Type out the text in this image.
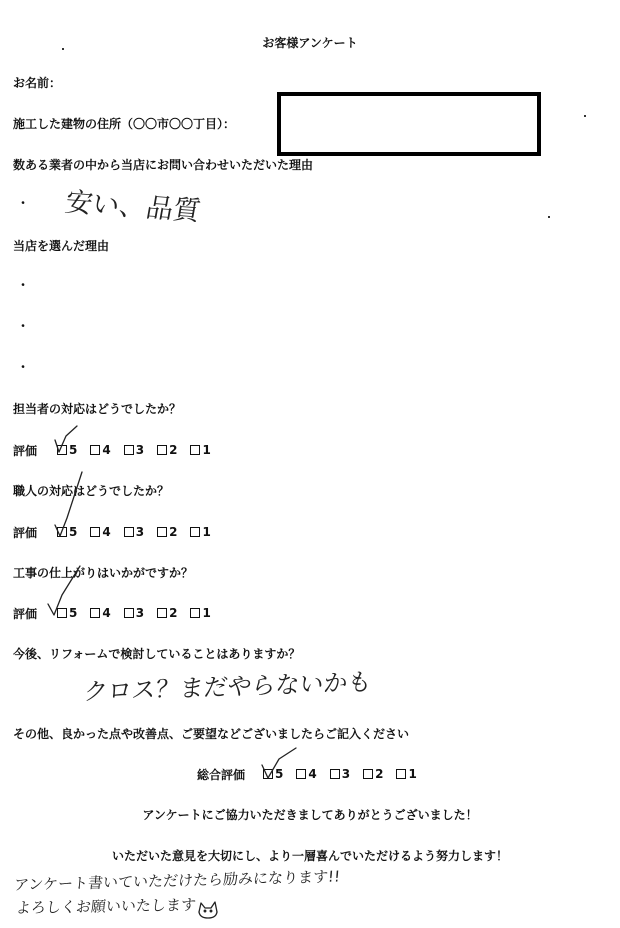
お客様アンケート
お名前：
施工した建物の住所（〇〇市〇〇丁目）：
数ある業者の中から当店にお問い合わせいただいた理由
・ 安い、品質
当店を選んだ理由
・
・
・
担当者の対応はどうでしたか？
評価	5 4 3 2 1
職人の対応はどうでしたか？
評価	5 4 3 2 1
工事の仕上がりはいかがですか？
評価	5 4 3 2 1
今後、リフォームで検討していることはありますか？
クロス？まだやらないかも
その他、良かった点や改善点、ご要望などございましたらご記入ください
総合評価	5 4 3 2 1
アンケートにご協力いただきましてありがとうございました！
いただいた意見を大切にし、より一層喜んでいただけるよう努力します！
アンケート書いていただけたら励みになります!!
よろしくお願いいたします
